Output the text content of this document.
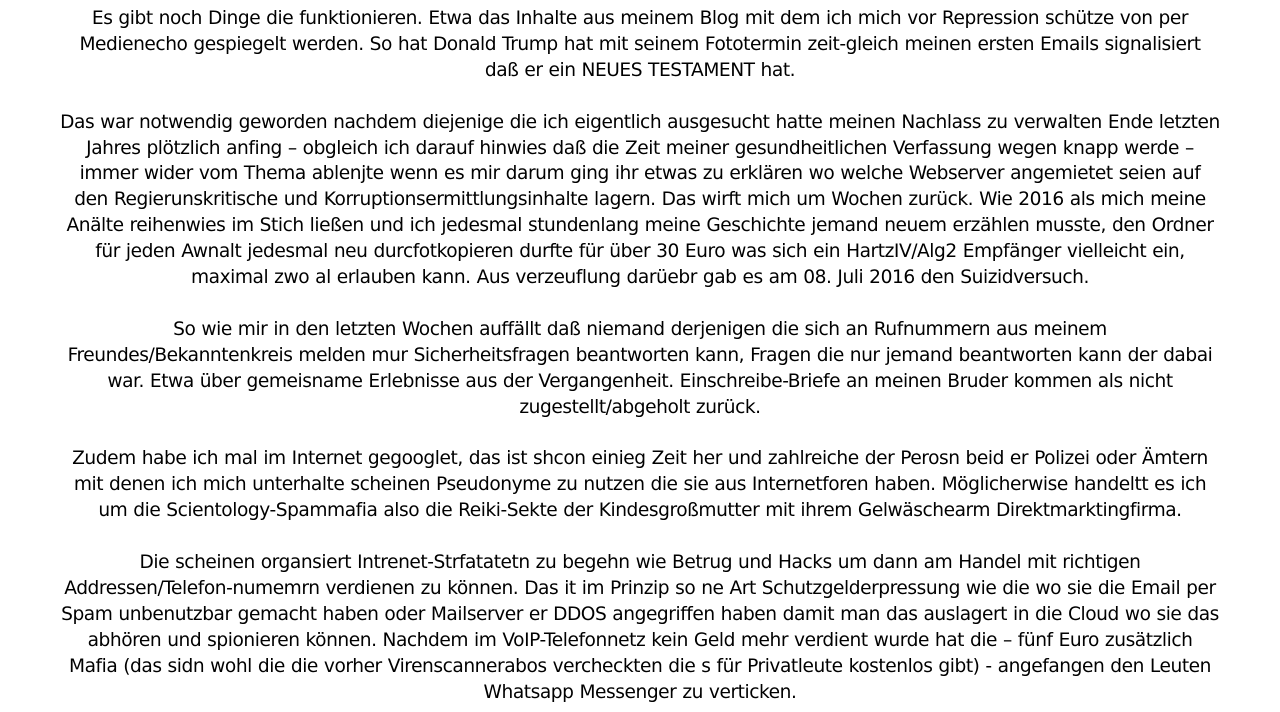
Es gibt noch Dinge die funktionieren. Etwa das Inhalte aus meinem Blog mit dem ich mich vor Repression schütze von per
Medienecho gespiegelt werden. So hat Donald Trump hat mit seinem Fototermin zeit-gleich meinen ersten Emails signalisiert
daß er ein NEUES TESTAMENT hat.
Das war notwendig geworden nachdem diejenige die ich eigentlich ausgesucht hatte meinen Nachlass zu verwalten Ende letzten
Jahres plötzlich anfing – obgleich ich darauf hinwies daß die Zeit meiner gesundheitlichen Verfassung wegen knapp werde –
immer wider vom Thema ablenjte wenn es mir darum ging ihr etwas zu erklären wo welche Webserver angemietet seien auf
den Regierunskritische und Korruptionsermittlungsinhalte lagern. Das wirft mich um Wochen zurück. Wie 2016 als mich meine
Anälte reihenwies im Stich ließen und ich jedesmal stundenlang meine Geschichte jemand neuem erzählen musste, den Ordner
für jeden Awnalt jedesmal neu durcfotkopieren durfte für über 30 Euro was sich ein HartzIV/Alg2 Empfänger vielleicht ein,
maximal zwo al erlauben kann. Aus verzeuflung darüebr gab es am 08. Juli 2016 den Suizidversuch.
So wie mir in den letzten Wochen auffällt daß niemand derjenigen die sich an Rufnummern aus meinem
Freundes/Bekanntenkreis melden mur Sicherheitsfragen beantworten kann, Fragen die nur jemand beantworten kann der dabai
war. Etwa über gemeisname Erlebnisse aus der Vergangenheit. Einschreibe-Briefe an meinen Bruder kommen als nicht
zugestellt/abgeholt zurück.
Zudem habe ich mal im Internet gegooglet, das ist shcon einieg Zeit her und zahlreiche der Perosn beid er Polizei oder Ämtern
mit denen ich mich unterhalte scheinen Pseudonyme zu nutzen die sie aus Internetforen haben. Möglicherwise handeltt es ich
um die Scientology-Spammafia also die Reiki-Sekte der Kindesgroßmutter mit ihrem Gelwäschearm Direktmarktingfirma.
Die scheinen organsiert Intrenet-Strfatatetn zu begehn wie Betrug und Hacks um dann am Handel mit richtigen
Addressen/Telefon-numemrn verdienen zu können. Das it im Prinzip so ne Art Schutzgelderpressung wie die wo sie die Email per
Spam unbenutzbar gemacht haben oder Mailserver er DDOS angegriffen haben damit man das auslagert in die Cloud wo sie das
abhören und spionieren können. Nachdem im VoIP-Telefonnetz kein Geld mehr verdient wurde hat die – fünf Euro zusätzlich
Mafia (das sidn wohl die die vorher Virenscannerabos vercheckten die s für Privatleute kostenlos gibt) - angefangen den Leuten
Whatsapp Messenger zu verticken.
